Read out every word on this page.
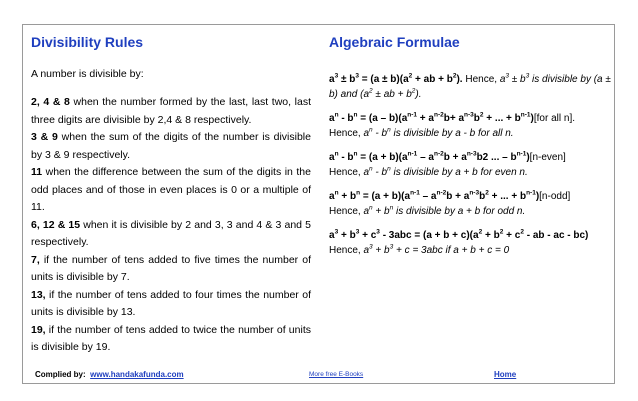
Divisibility Rules
A number is divisible by:
2, 4 & 8 when the number formed by the last, last two, last three digits are divisible by 2,4 & 8 respectively.
3 & 9 when the sum of the digits of the number is divisible by 3 & 9 respectively.
11 when the difference between the sum of the digits in the odd places and of those in even places is 0 or a multiple of 11.
6, 12 & 15 when it is divisible by 2 and 3, 3 and 4 & 3 and 5 respectively.
7, if the number of tens added to five times the number of units is divisible by 7.
13, if the number of tens added to four times the number of units is divisible by 13.
19, if the number of tens added to twice the number of units is divisible by 19.
Algebraic Formulae
$a^3 \pm b^3 = (a \pm b)(a^2$ + ab + $b^2$). Hence, $a^3 \pm b^3$ is divisible by (a ± b) and ($a^2$ ± ab + $b^2$).
$a^n - b^n = (a - b)(a^{n-1} + a^{n-2}b+ a^{n-3}b^2$ + ... + $b^{n-1})[for$ all n].
Hence, $a^n - b^n$ is divisible by a - b for all n.
$a^n - b^n = (a + b)(a^{n-1} - a^{n-2}b + a^{n-3}b2$ ... – $b^{n-1})[n-even]$
Hence, $a^n - b^n$ is divisible by a + b for even n.
$a^n + b^n = (a + b)(a^{n-1} - a^{n-2}b + a^{n-3}b^2$ + ... + $b^{n-1})[n-odd]$
Hence, $a^n + b^n$ is divisible by a + b for odd n.
$a^3 + b^3 + c^3 - 3abc = (a + b + c)(a^2 + b^2 + c^2$ - ab - ac - bc)
Hence, $a^3 + b^3 + c = 3abc$ if a + b + c = 0
Complied by: www.handakafunda.com	More free E-Books	Home
